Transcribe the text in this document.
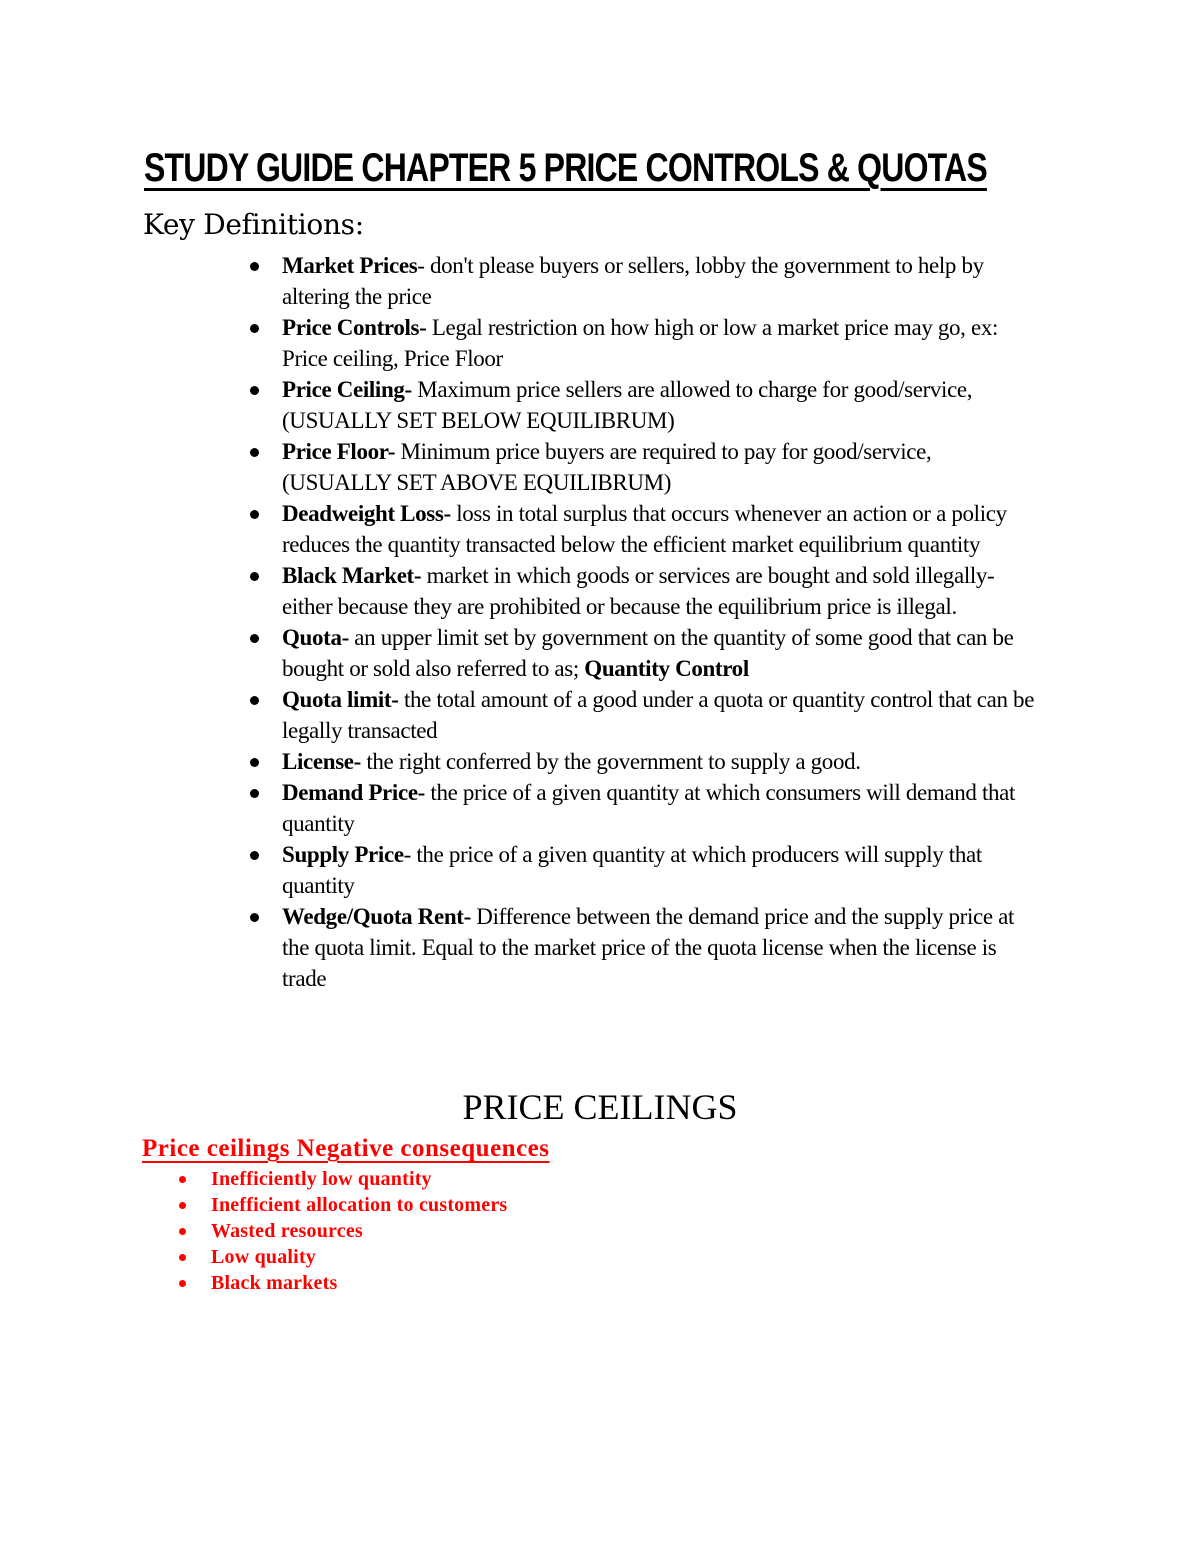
STUDY GUIDE CHAPTER 5 PRICE CONTROLS & QUOTAS
Key Definitions:
Market Prices- don't please buyers or sellers, lobby the government to help by altering the price
Price Controls- Legal restriction on how high or low a market price may go, ex: Price ceiling, Price Floor
Price Ceiling- Maximum price sellers are allowed to charge for good/service, (USUALLY SET BELOW EQUILIBRUM)
Price Floor- Minimum price buyers are required to pay for good/service, (USUALLY SET ABOVE EQUILIBRUM)
Deadweight Loss- loss in total surplus that occurs whenever an action or a policy reduces the quantity transacted below the efficient market equilibrium quantity
Black Market- market in which goods or services are bought and sold illegally- either because they are prohibited or because the equilibrium price is illegal.
Quota- an upper limit set by government on the quantity of some good that can be bought or sold also referred to as; Quantity Control
Quota limit- the total amount of a good under a quota or quantity control that can be legally transacted
License- the right conferred by the government to supply a good.
Demand Price- the price of a given quantity at which consumers will demand that quantity
Supply Price- the price of a given quantity at which producers will supply that quantity
Wedge/Quota Rent- Difference between the demand price and the supply price at the quota limit. Equal to the market price of the quota license when the license is trade
PRICE CEILINGS
Price ceilings Negative consequences
Inefficiently low quantity
Inefficient allocation to customers
Wasted resources
Low quality
Black markets
